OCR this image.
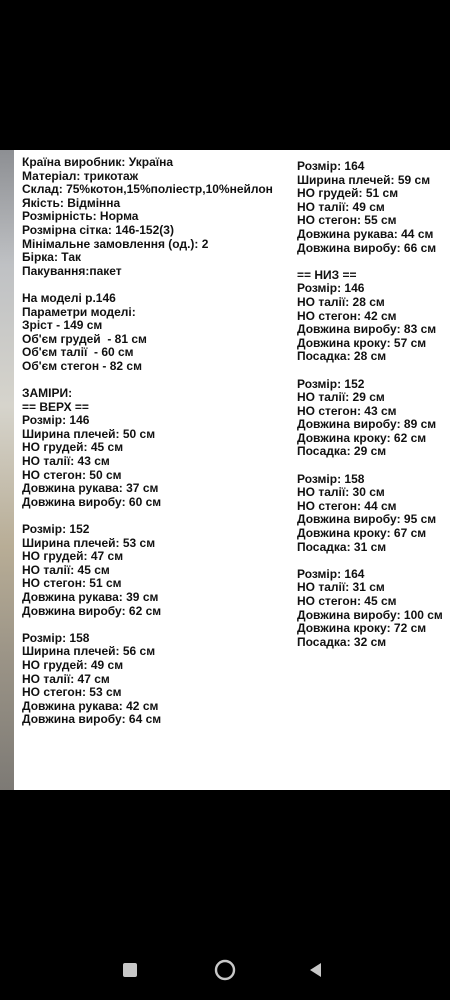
Країна виробник: Україна
Матеріал: трикотаж
Склад: 75%котон,15%поліестр,10%нейлон
Якість: Відмінна
Розмірність: Норма
Розмірна сітка: 146-152(3)
Мінімальне замовлення (од.): 2
Бірка: Так
Пакування:пакет
На моделі р.146
Параметри моделі:
Зріст - 149 см
Об'єм грудей  - 81 см
Об'єм талії  - 60 см
Об'єм стегон - 82 см
ЗАМІРИ:
== ВЕРХ ==
Розмір: 146
Ширина плечей: 50 см
НО грудей: 45 см
НО талії: 43 см
НО стегон: 50 см
Довжина рукава: 37 см
Довжина виробу: 60 см
Розмір: 152
Ширина плечей: 53 см
НО грудей: 47 см
НО талії: 45 см
НО стегон: 51 см
Довжина рукава: 39 см
Довжина виробу: 62 см
Розмір: 158
Ширина плечей: 56 см
НО грудей: 49 см
НО талії: 47 см
НО стегон: 53 см
Довжина рукава: 42 см
Довжина виробу: 64 см
Розмір: 164
Ширина плечей: 59 см
НО грудей: 51 см
НО талії: 49 см
НО стегон: 55 см
Довжина рукава: 44 см
Довжина виробу: 66 см
== НИЗ ==
Розмір: 146
НО талії: 28 см
НО стегон: 42 см
Довжина виробу: 83 см
Довжина кроку: 57 см
Посадка: 28 см
Розмір: 152
НО талії: 29 см
НО стегон: 43 см
Довжина виробу: 89 см
Довжина кроку: 62 см
Посадка: 29 см
Розмір: 158
НО талії: 30 см
НО стегон: 44 см
Довжина виробу: 95 см
Довжина кроку: 67 см
Посадка: 31 см
Розмір: 164
НО талії: 31 см
НО стегон: 45 см
Довжина виробу: 100 см
Довжина кроку: 72 см
Посадка: 32 см
